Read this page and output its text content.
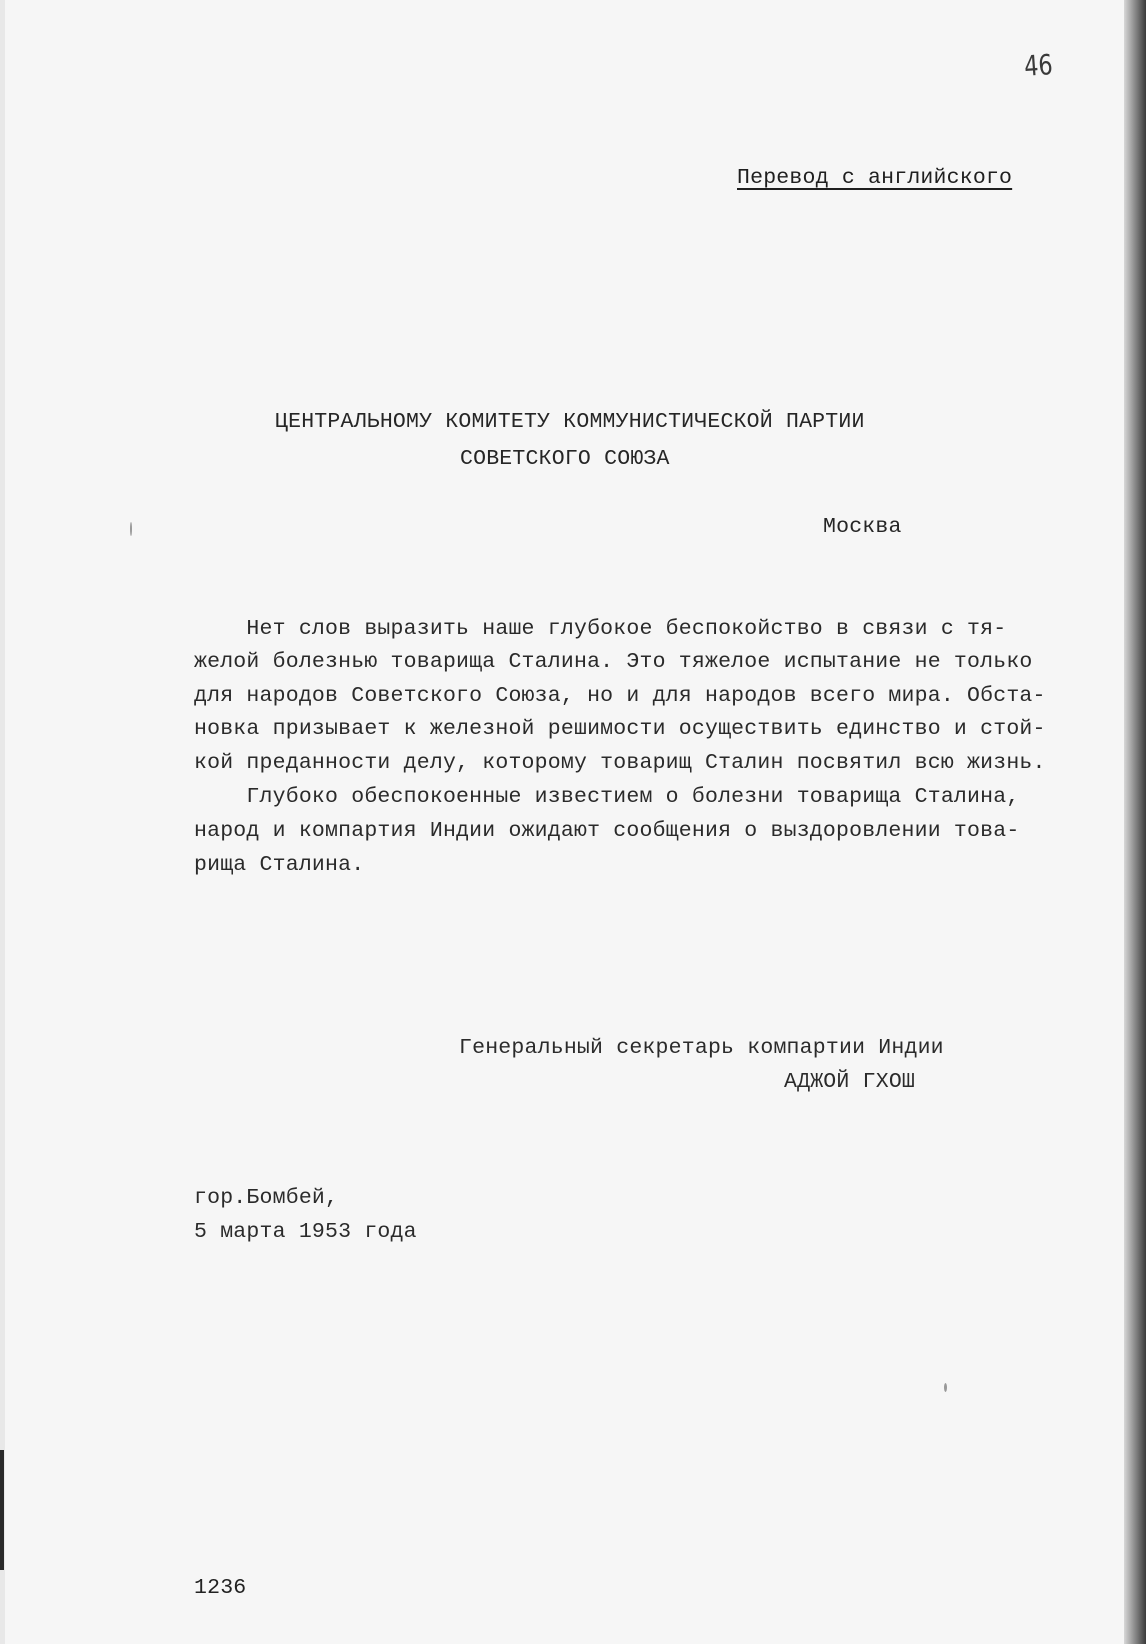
46
Перевод с английского
ЦЕНТРАЛЬНОМУ КОМИТЕТУ КОММУНИСТИЧЕСКОЙ ПАРТИИ
СОВЕТСКОГО СОЮЗА
Москва
Нет слов выразить наше глубокое беспокойство в связи с тя-
желой болезнью товарища Сталина. Это тяжелое испытание не только
для народов Советского Союза, но и для народов всего мира. Обста-
новка призывает к железной решимости осуществить единство и стой-
кой преданности делу, которому товарищ Сталин посвятил всю жизнь.
Глубоко обеспокоенные известием о болезни товарища Сталина,
народ и компартия Индии ожидают сообщения о выздоровлении това-
рища Сталина.
Генеральный секретарь компартии Индии
АДЖОЙ ГХОШ
гор.Бомбей,
5 марта 1953 года
1236
